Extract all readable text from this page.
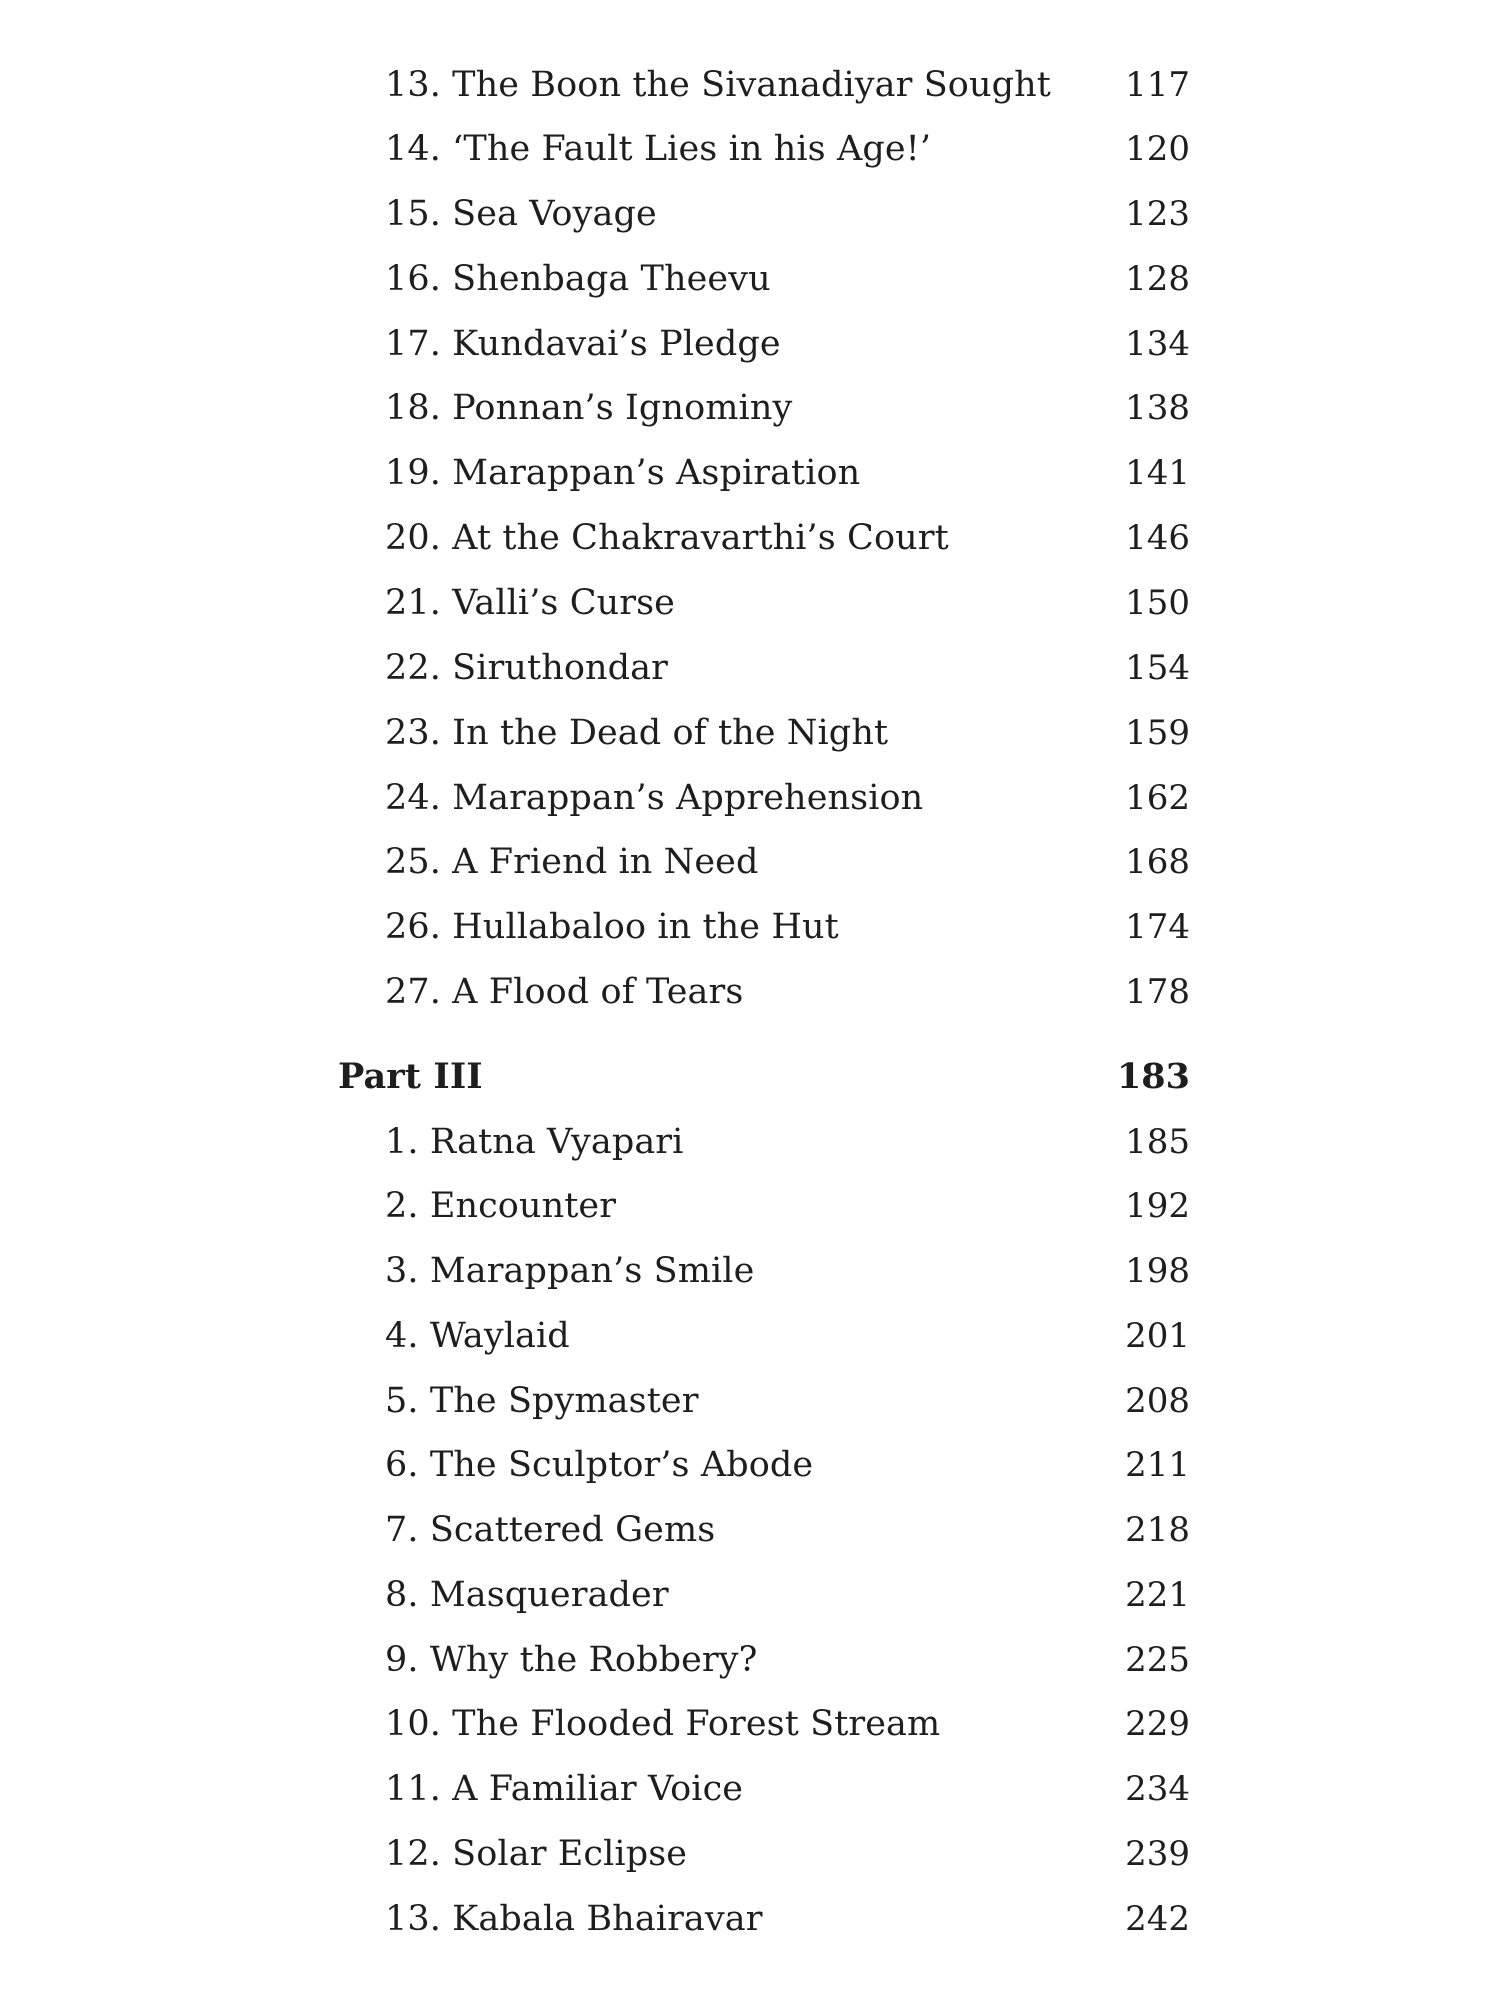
13. The Boon the Sivanadiyar Sought 117
14. ‘The Fault Lies in his Age!’	120
15. Sea Voyage	123
16. Shenbaga Theevu	128
17. Kundavai’s Pledge	134
18. Ponnan’s Ignominy	138
19. Marappan’s Aspiration	141
20. At the Chakravarthi’s Court	146
21. Valli’s Curse	150
22. Siruthondar	154
23. In the Dead of the Night	159
24. Marappan’s Apprehension	162
25. A Friend in Need	168
26. Hullabaloo in the Hut	174
27. A Flood of Tears	178
Part III	183
1. Ratna Vyapari	185
2. Encounter	192
3. Marappan’s Smile	198
4. Waylaid	201
5. The Spymaster	208
6. The Sculptor’s Abode	211
7. Scattered Gems	218
8. Masquerader	221
9. Why the Robbery?	225
10. The Flooded Forest Stream	229
11. A Familiar Voice	234
12. Solar Eclipse	239
13. Kabala Bhairavar	242
